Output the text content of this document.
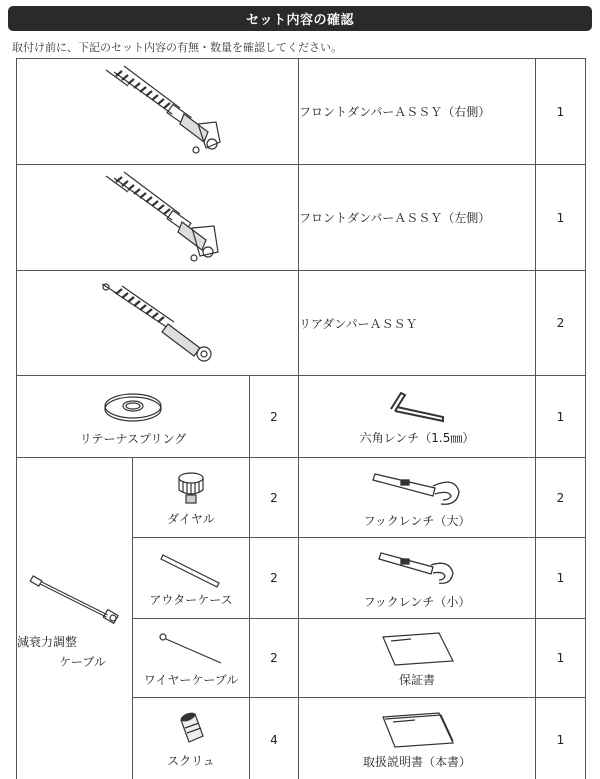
セット内容の確認
取付け前に、下記のセット内容の有無・数量を確認してください。
	フロントダンパーＡＳＳＹ（右側）	1

	フロントダンパーＡＳＳＹ（左側）	1

	リアダンパーＡＳＳＹ	2

リテーナスプリング		2	六角レンチ（1.5㎜）	1

減衰力調整
ケーブル	ダイヤル	2	フックレンチ（大）	2

	アウターケース	2	フックレンチ（小）	1

	ワイヤーケーブル	2	保証書	1

	スクリュ	4	取扱説明書（本書）	1
